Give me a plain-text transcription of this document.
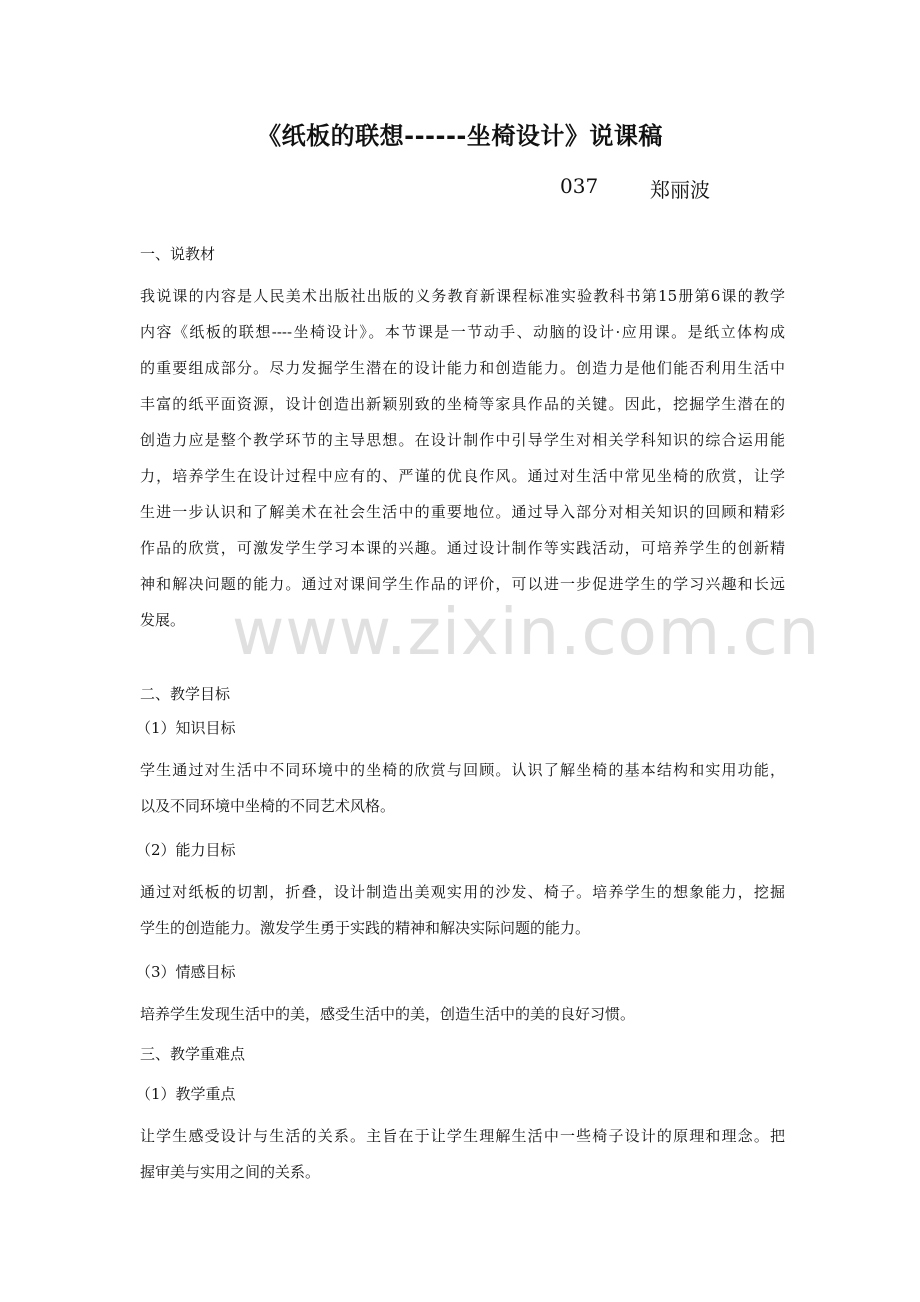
《纸板的联想------坐椅设计》说课稿
037	郑丽波
一、说教材
我说课的内容是人民美术出版社出版的义务教育新课程标准实验教科书第15册第6课的教学
内容《纸板的联想----坐椅设计》。本节课是一节动手、动脑的设计·应用课。是纸立体构成
的重要组成部分。尽力发掘学生潜在的设计能力和创造能力。创造力是他们能否利用生活中
丰富的纸平面资源，设计创造出新颖别致的坐椅等家具作品的关键。因此，挖掘学生潜在的
创造力应是整个教学环节的主导思想。在设计制作中引导学生对相关学科知识的综合运用能
力，培养学生在设计过程中应有的、严谨的优良作风。通过对生活中常见坐椅的欣赏，让学
生进一步认识和了解美术在社会生活中的重要地位。通过导入部分对相关知识的回顾和精彩
作品的欣赏，可激发学生学习本课的兴趣。通过设计制作等实践活动，可培养学生的创新精
神和解决问题的能力。通过对课间学生作品的评价，可以进一步促进学生的学习兴趣和长远
发展。 www.zixin.com.cn
二、教学目标
（1）知识目标
学生通过对生活中不同环境中的坐椅的欣赏与回顾。认识了解坐椅的基本结构和实用功能，
以及不同环境中坐椅的不同艺术风格。
（2）能力目标
通过对纸板的切割，折叠，设计制造出美观实用的沙发、椅子。培养学生的想象能力，挖掘
学生的创造能力。激发学生勇于实践的精神和解决实际问题的能力。
（3）情感目标
培养学生发现生活中的美，感受生活中的美，创造生活中的美的良好习惯。
三、教学重难点
（1）教学重点
让学生感受设计与生活的关系。主旨在于让学生理解生活中一些椅子设计的原理和理念。把
握审美与实用之间的关系。
